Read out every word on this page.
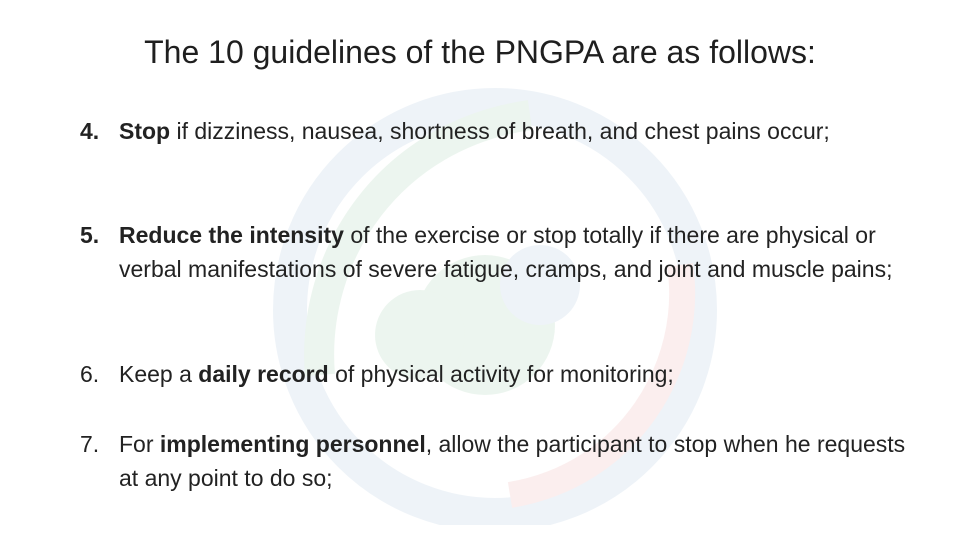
The 10 guidelines of the PNGPA are as follows:
4. Stop if dizziness, nausea, shortness of breath, and chest pains occur;
5. Reduce the intensity of the exercise or stop totally if there are physical or verbal manifestations of severe fatigue, cramps, and joint and muscle pains;
6. Keep a daily record of physical activity for monitoring;
7. For implementing personnel, allow the participant to stop when he requests at any point to do so;
